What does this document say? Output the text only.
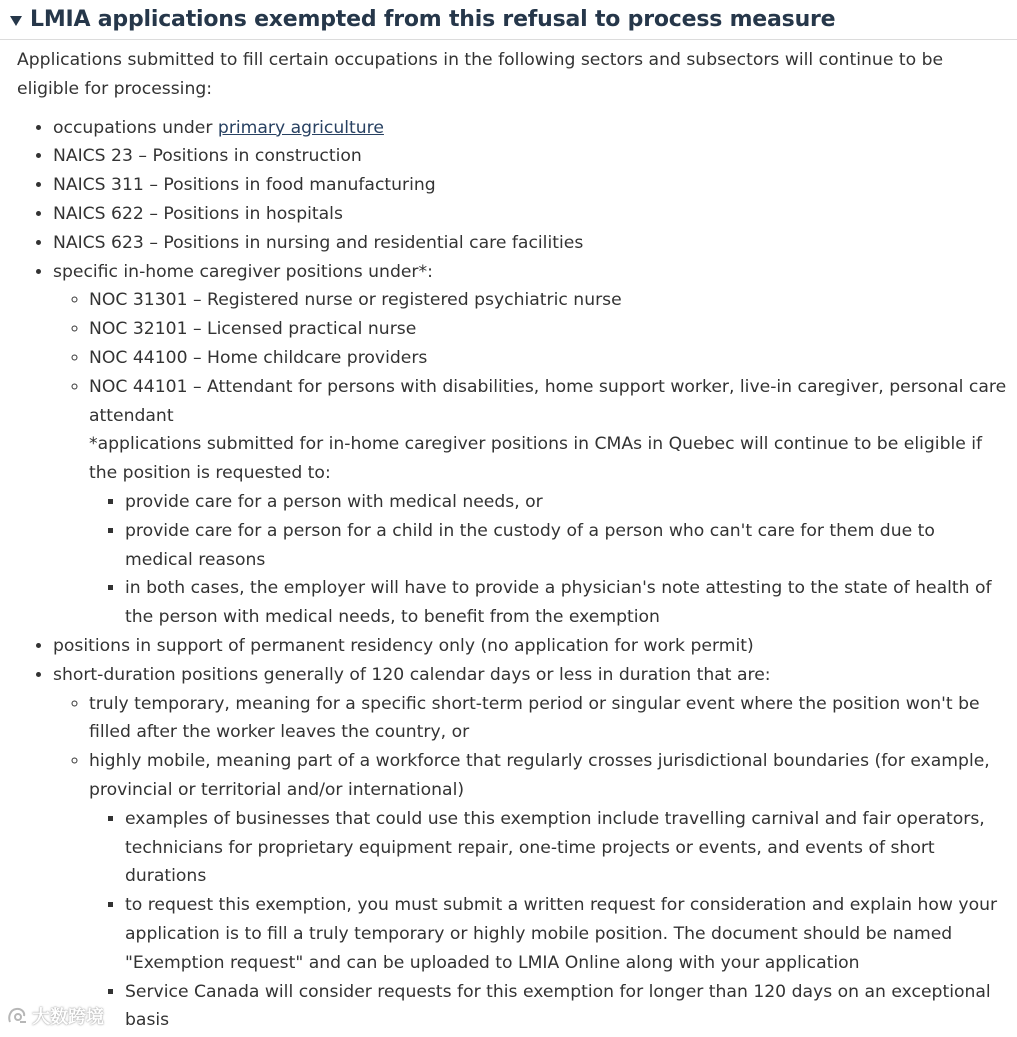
LMIA applications exempted from this refusal to process measure

Applications submitted to fill certain occupations in the following sectors and subsectors will continue to be eligible for processing:

• occupations under primary agriculture
• NAICS 23 – Positions in construction
• NAICS 311 – Positions in food manufacturing
• NAICS 622 – Positions in hospitals
• NAICS 623 – Positions in nursing and residential care facilities
• specific in-home caregiver positions under*:
◦ NOC 31301 – Registered nurse or registered psychiatric nurse
◦ NOC 32101 – Licensed practical nurse
◦ NOC 44100 – Home childcare providers
◦ NOC 44101 – Attendant for persons with disabilities, home support worker, live-in caregiver, personal care attendant
*applications submitted for in-home caregiver positions in CMAs in Quebec will continue to be eligible if the position is requested to:
▪ provide care for a person with medical needs, or
▪ provide care for a person for a child in the custody of a person who can't care for them due to medical reasons
▪ in both cases, the employer will have to provide a physician's note attesting to the state of health of the person with medical needs, to benefit from the exemption
• positions in support of permanent residency only (no application for work permit)
• short-duration positions generally of 120 calendar days or less in duration that are:
◦ truly temporary, meaning for a specific short-term period or singular event where the position won't be filled after the worker leaves the country, or
◦ highly mobile, meaning part of a workforce that regularly crosses jurisdictional boundaries (for example, provincial or territorial and/or international)
▪ examples of businesses that could use this exemption include travelling carnival and fair operators, technicians for proprietary equipment repair, one-time projects or events, and events of short durations
▪ to request this exemption, you must submit a written request for consideration and explain how your application is to fill a truly temporary or highly mobile position. The document should be named "Exemption request" and can be uploaded to LMIA Online along with your application
▪ Service Canada will consider requests for this exemption for longer than 120 days on an exceptional basis
大数跨境
